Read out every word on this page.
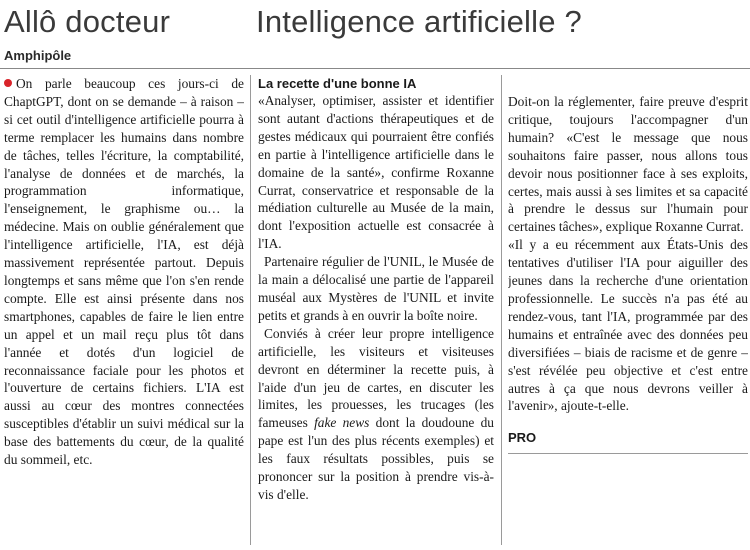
Allô docteur	Intelligence artificielle ?
Amphipôle

On parle beaucoup ces jours-ci de ChaptGPT, dont on se demande – à raison – si cet outil d'intelligence artificielle pourra à terme remplacer les humains dans nombre de tâches, telles l'écriture, la comptabilité, l'analyse de données et de marchés, la programmation informatique, l'enseignement, le graphisme ou… la médecine. Mais on oublie généralement que l'intelligence artificielle, l'IA, est déjà massivement représentée partout. Depuis longtemps et sans même que l'on s'en rende compte. Elle est ainsi présente dans nos smartphones, capables de faire le lien entre un appel et un mail reçu plus tôt dans l'année et dotés d'un logiciel de reconnaissance faciale pour les photos et l'ouverture de certains fichiers. L'IA est aussi au cœur des montres connectées susceptibles d'établir un suivi médical sur la base des battements du cœur, de la qualité du sommeil, etc.

La recette d'une bonne IA

«Analyser, optimiser, assister et identifier sont autant d'actions thérapeutiques et de gestes médicaux qui pourraient être confiés en partie à l'intelligence artificielle dans le domaine de la santé», confirme Roxanne Currat, conservatrice et responsable de la médiation culturelle au Musée de la main, dont l'exposition actuelle est consacrée à l'IA.

Partenaire régulier de l'UNIL, le Musée de la main a délocalisé une partie de l'appareil muséal aux Mystères de l'UNIL et invite petits et grands à en ouvrir la boîte noire.

Conviés à créer leur propre intelligence artificielle, les visiteurs et visiteuses devront en déterminer la recette puis, à l'aide d'un jeu de cartes, en discuter les limites, les prouesses, les trucages (les fameuses fake news dont la doudoune du pape est l'un des plus récents exemples) et les faux résultats possibles, puis se prononcer sur la position à prendre vis-à-vis d'elle.

Doit-on la réglementer, faire preuve d'esprit critique, toujours l'accompagner d'un humain? «C'est le message que nous souhaitons faire passer, nous allons tous devoir nous positionner face à ses exploits, certes, mais aussi à ses limites et sa capacité à prendre le dessus sur l'humain pour certaines tâches», explique Roxanne Currat.

«Il y a eu récemment aux États-Unis des tentatives d'utiliser l'IA pour aiguiller des jeunes dans la recherche d'une orientation professionnelle. Le succès n'a pas été au rendez-vous, tant l'IA, programmée par des humains et entraînée avec des données peu diversifiées – biais de racisme et de genre – s'est révélée peu objective et c'est entre autres à ça que nous devrons veiller à l'avenir», ajoute-t-elle.

PRO
